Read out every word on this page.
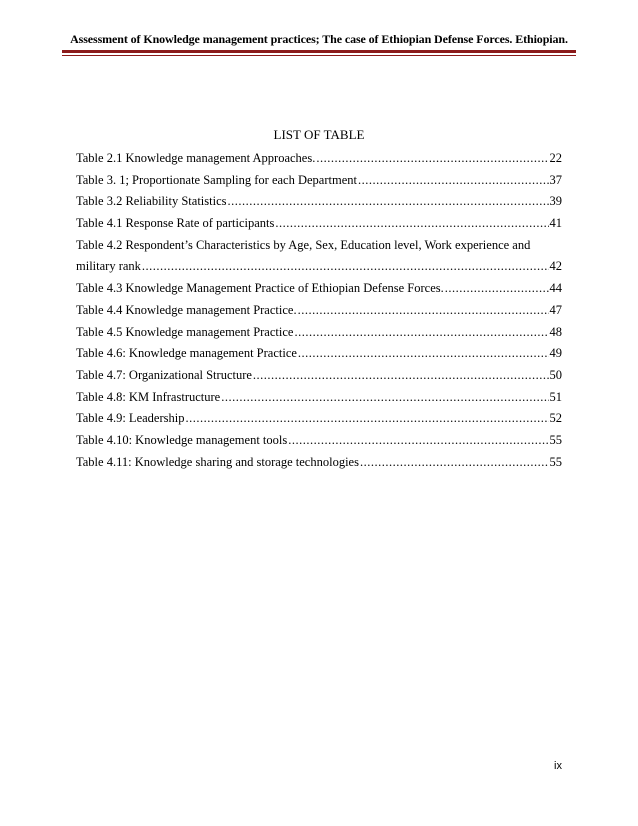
Assessment of Knowledge management practices; The case of Ethiopian Defense Forces. Ethiopian.
LIST OF TABLE
Table 2.1 Knowledge management Approaches. .....	22
Table 3. 1; Proportionate Sampling for each Department .....	37
Table 3.2 Reliability Statistics .....	39
Table 4.1 Response Rate of participants .....	41
Table 4.2 Respondent’s Characteristics by Age, Sex, Education level, Work experience and
military rank .....	42
Table 4.3 Knowledge Management Practice of Ethiopian Defense Forces. .....	44
Table 4.4 Knowledge management Practice. .....	47
Table 4.5 Knowledge management Practice .....	48
Table 4.6: Knowledge management Practice .....	49
Table 4.7: Organizational Structure .....	50
Table 4.8: KM Infrastructure .....	51
Table 4.9: Leadership .....	52
Table 4.10: Knowledge management tools .....	55
Table 4.11: Knowledge sharing and storage technologies .....	55
ix
